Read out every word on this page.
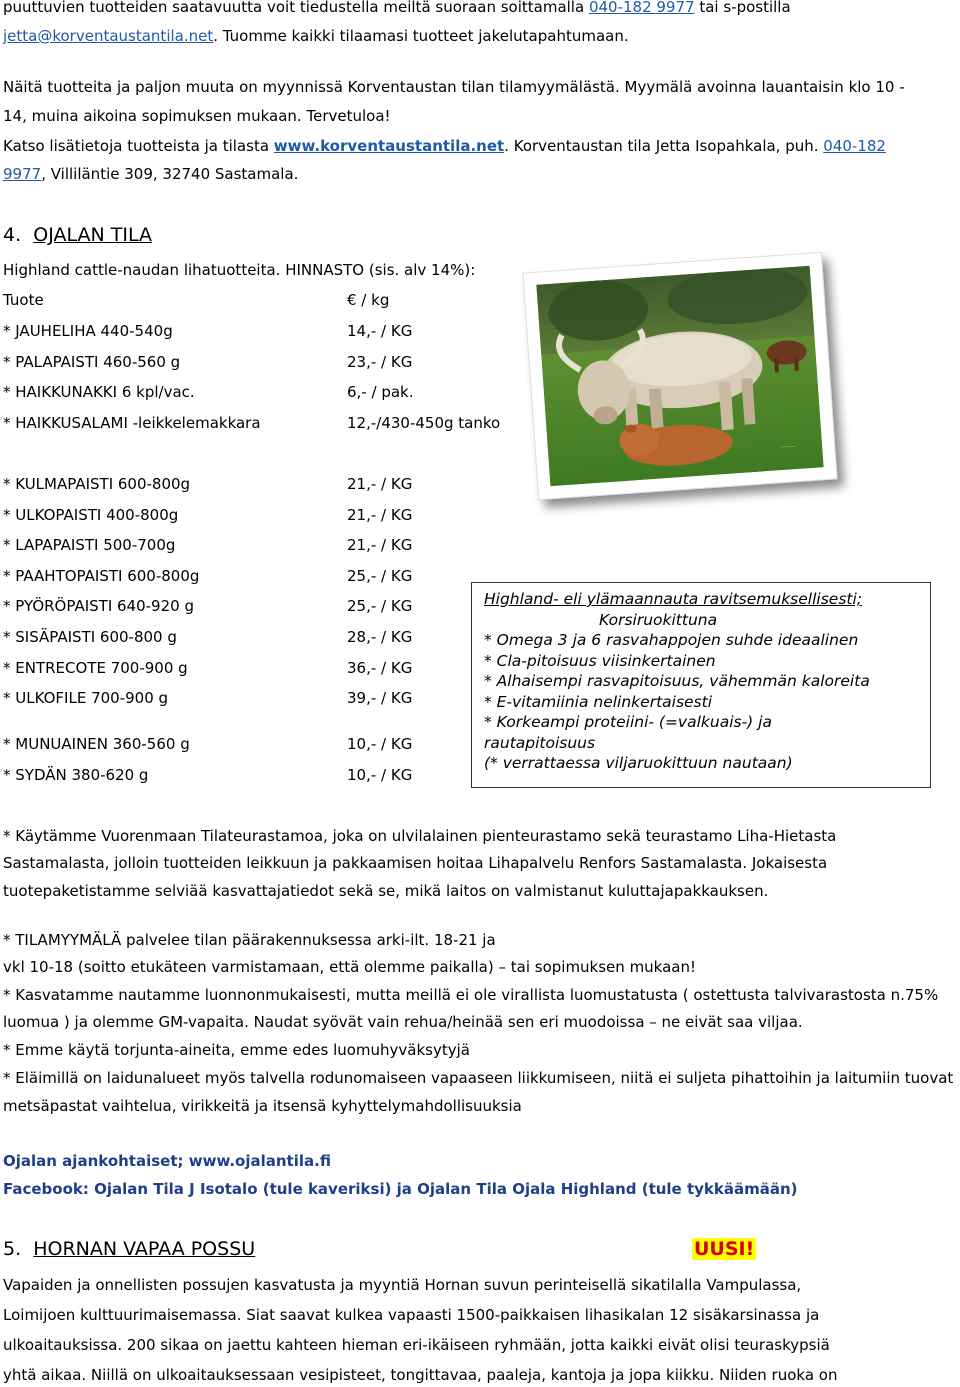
puuttuvien tuotteiden saatavuutta voit tiedustella meiltä suoraan soittamalla 040-182 9977 tai s-postilla
jetta@korventaustantila.net. Tuomme kaikki tilaamasi tuotteet jakelutapahtumaan.
Näitä tuotteita ja paljon muuta on myynnissä Korventaustan tilan tilamyymälästä. Myymälä avoinna lauantaisin klo 10 -
14, muina aikoina sopimuksen mukaan. Tervetuloa!
Katso lisätietoja tuotteista ja tilasta www.korventaustantila.net. Korventaustan tila Jetta Isopahkala, puh. 040-182
9977, Villiläntie 309, 32740 Sastamala.
4. OJALAN TILA
Highland cattle-naudan lihatuotteita. HINNASTO (sis. alv 14%):
Tuote	€ / kg
* JAUHELIHA 440-540g	14,- / KG
* PALAPAISTI 460-560 g	23,- / KG
* HAIKKUNAKKI 6 kpl/vac.	6,- / pak.
* HAIKKUSALAMI -leikkelemakkara	12,-/430-450g tanko
* KULMAPAISTI 600-800g	21,- / KG
* ULKOPAISTI 400-800g	21,- / KG
* LAPAPAISTI 500-700g	21,- / KG
* PAAHTOPAISTI 600-800g	25,- / KG
* PYÖRÖPAISTI 640-920 g	25,- / KG
* SISÄPAISTI 600-800 g	28,- / KG
* ENTRECOTE 700-900 g	36,- / KG
* ULKOFILE 700-900 g	39,- / KG
* MUNUAINEN 360-560 g	10,- / KG
* SYDÄN 380-620 g	10,- / KG
~~~
Highland- eli ylämaannauta ravitsemuksellisesti;
Korsiruokittuna
* Omega 3 ja 6 rasvahappojen suhde ideaalinen
* Cla-pitoisuus viisinkertainen
* Alhaisempi rasvapitoisuus, vähemmän kaloreita
* E-vitamiinia nelinkertaisesti
* Korkeampi proteiini- (=valkuais-) ja
rautapitoisuus
(* verrattaessa viljaruokittuun nautaan)
* Käytämme Vuorenmaan Tilateurastamoa, joka on ulvilalainen pienteurastamo sekä teurastamo Liha-Hietasta
Sastamalasta, jolloin tuotteiden leikkuun ja pakkaamisen hoitaa Lihapalvelu Renfors Sastamalasta. Jokaisesta
tuotepaketistamme selviää kasvattajatiedot sekä se, mikä laitos on valmistanut kuluttajapakkauksen.
* TILAMYYMÄLÄ palvelee tilan päärakennuksessa arki-ilt. 18-21 ja
vkl 10-18 (soitto etukäteen varmistamaan, että olemme paikalla) – tai sopimuksen mukaan!
* Kasvatamme nautamme luonnonmukaisesti, mutta meillä ei ole virallista luomustatusta ( ostettusta talvivarastosta n.75%
luomua ) ja olemme GM-vapaita. Naudat syövät vain rehua/heinää sen eri muodoissa – ne eivät saa viljaa.
* Emme käytä torjunta-aineita, emme edes luomuhyväksytyjä
* Eläimillä on laidunalueet myös talvella rodunomaiseen vapaaseen liikkumiseen, niitä ei suljeta pihattoihin ja laitumiin tuovat
metsäpastat vaihtelua, virikkeitä ja itsensä kyhyttelymahdollisuuksia
Ojalan ajankohtaiset; www.ojalantila.fi
Facebook: Ojalan Tila J Isotalo (tule kaveriksi) ja Ojalan Tila Ojala Highland (tule tykkäämään)
5. HORNAN VAPAA POSSU	UUSI!
Vapaiden ja onnellisten possujen kasvatusta ja myyntiä Hornan suvun perinteisellä sikatilalla Vampulassa,
Loimijoen kulttuurimaisemassa. Siat saavat kulkea vapaasti 1500-paikkaisen lihasikalan 12 sisäkarsinassa ja
ulkoaitauksissa. 200 sikaa on jaettu kahteen hieman eri-ikäiseen ryhmään, jotta kaikki eivät olisi teuraskypsiä
yhtä aikaa. Niillä on ulkoaitauksessaan vesipisteet, tongittavaa, paaleja, kantoja ja jopa kiikku. Niiden ruoka on
